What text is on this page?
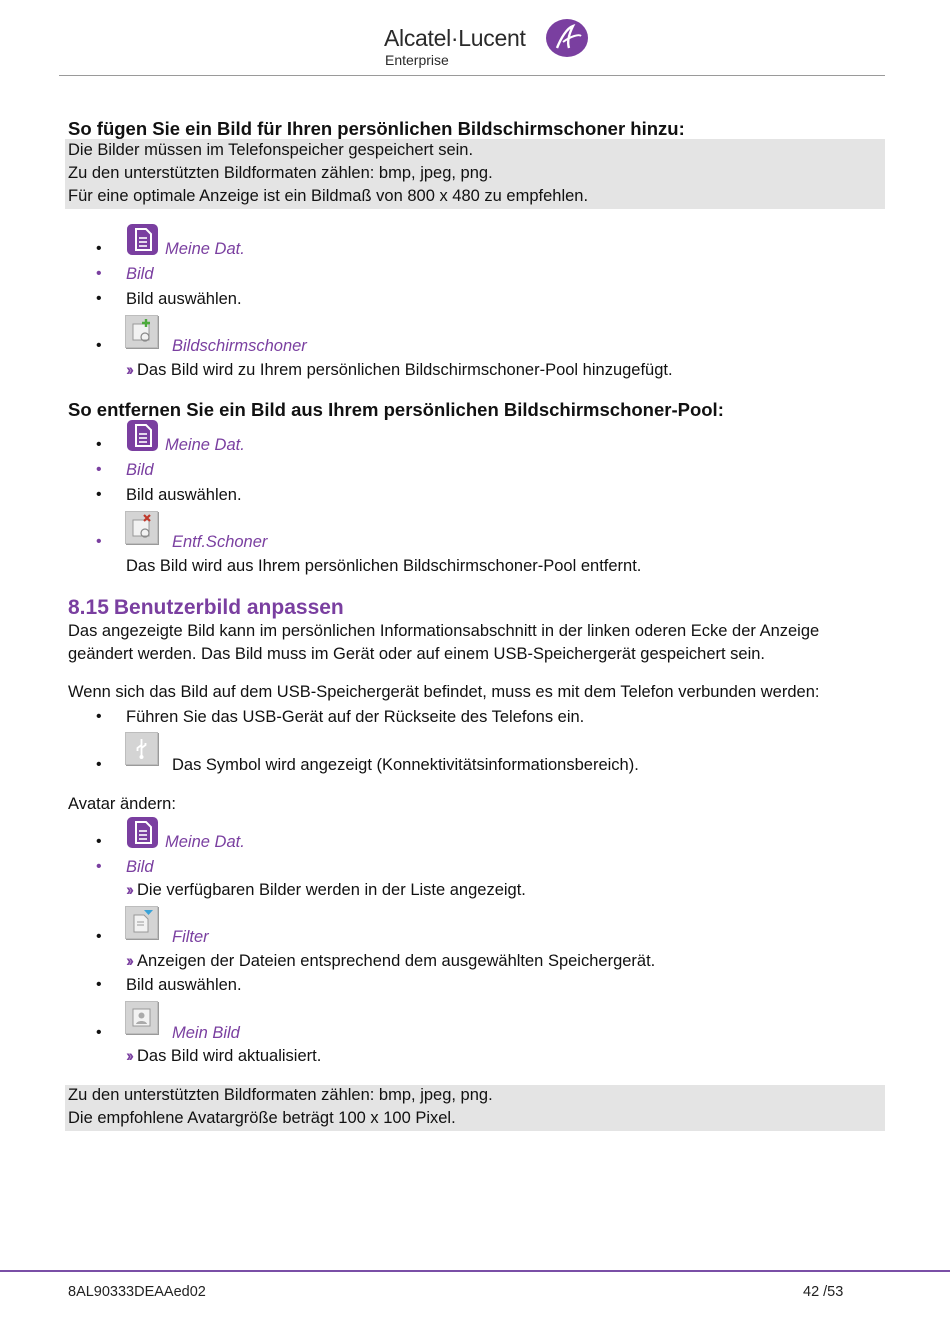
Alcatel·Lucent
Enterprise
So fügen Sie ein Bild für Ihren persönlichen Bildschirmschoner hinzu:
Die Bilder müssen im Telefonspeicher gespeichert sein.
Zu den unterstützten Bildformaten zählen: bmp, jpeg, png.
Für eine optimale Anzeige ist ein Bildmaß von 800 x 480 zu empfehlen.
•	Meine Dat.
• Bild
• Bild auswählen.
•	Bildschirmschoner
›› Das Bild wird zu Ihrem persönlichen Bildschirmschoner-Pool hinzugefügt.
So entfernen Sie ein Bild aus Ihrem persönlichen Bildschirmschoner-Pool:
•	Meine Dat.
• Bild
• Bild auswählen.
•	Entf.Schoner
Das Bild wird aus Ihrem persönlichen Bildschirmschoner-Pool entfernt.
8.15 Benutzerbild anpassen
Das angezeigte Bild kann im persönlichen Informationsabschnitt in der linken oderen Ecke der Anzeige
geändert werden. Das Bild muss im Gerät oder auf einem USB-Speichergerät gespeichert sein.
Wenn sich das Bild auf dem USB-Speichergerät befindet, muss es mit dem Telefon verbunden werden:
• Führen Sie das USB-Gerät auf der Rückseite des Telefons ein.
•	Das Symbol wird angezeigt (Konnektivitätsinformationsbereich).
Avatar ändern:
•	Meine Dat.
• Bild
›› Die verfügbaren Bilder werden in der Liste angezeigt.
•	Filter
›› Anzeigen der Dateien entsprechend dem ausgewählten Speichergerät.
• Bild auswählen.
•	Mein Bild
›› Das Bild wird aktualisiert.
Zu den unterstützten Bildformaten zählen: bmp, jpeg, png.
Die empfohlene Avatargröße beträgt 100 x 100 Pixel.
8AL90333DEAAed02	42 /53
